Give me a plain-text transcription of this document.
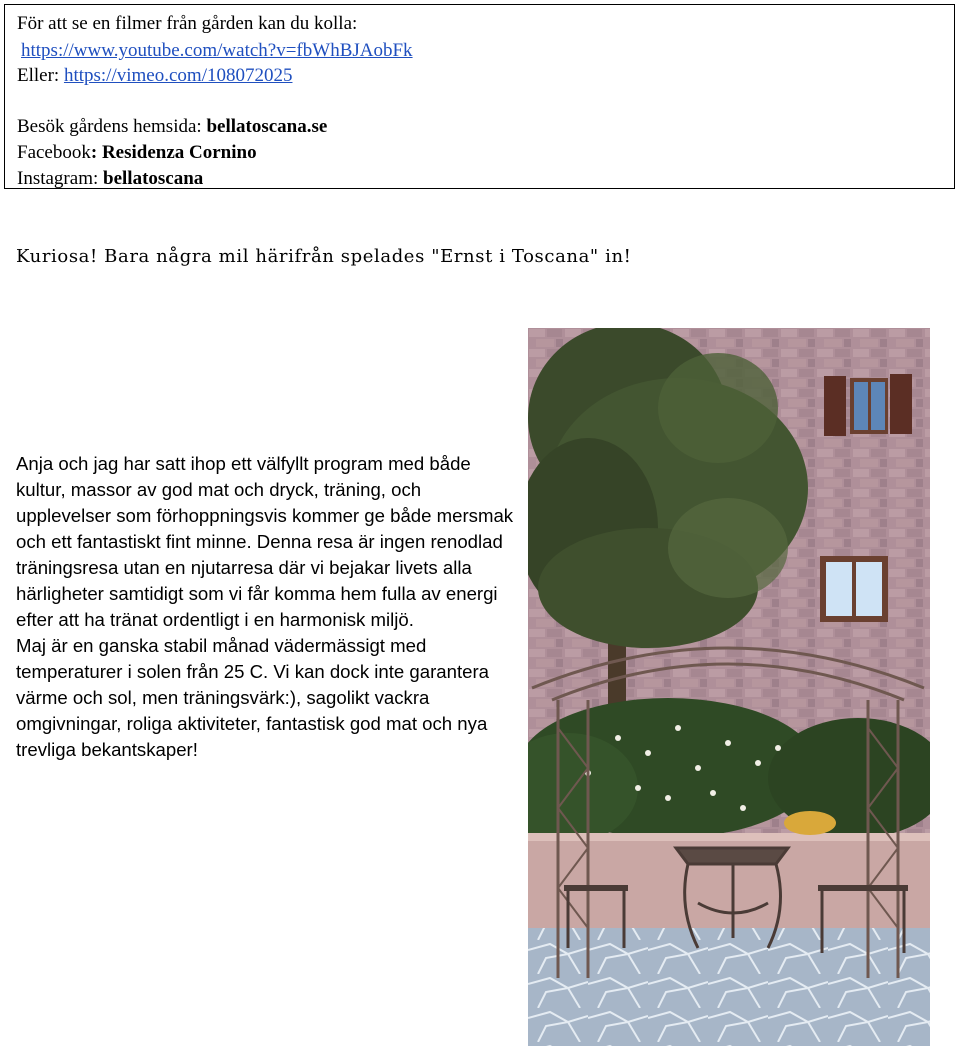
För att se en filmer från gården kan du kolla:
https://www.youtube.com/watch?v=fbWhBJAobFk
Eller: https://vimeo.com/108072025
Besök gårdens hemsida: bellatoscana.se
Facebook: Residenza Cornino
Instagram: bellatoscana
Kuriosa! Bara några mil härifrån spelades "Ernst i Toscana" in!

Anja och jag har satt ihop ett välfyllt program med både kultur, massor av god mat och dryck, träning, och upplevelser som förhoppningsvis kommer ge både mersmak och ett fantastiskt fint minne. Denna resa är ingen renodlad träningsresa utan en njutarresa där vi bejakar livets alla härligheter samtidigt som vi får komma hem fulla av energi efter att ha tränat ordentligt i en harmonisk miljö.

Maj är en ganska stabil månad vädermässigt med temperaturer i solen från 25 C. Vi kan dock inte garantera värme och sol, men träningsvärk:), sagolikt vackra omgivningar, roliga aktiviteter, fantastisk god mat och nya trevliga bekantskaper!
